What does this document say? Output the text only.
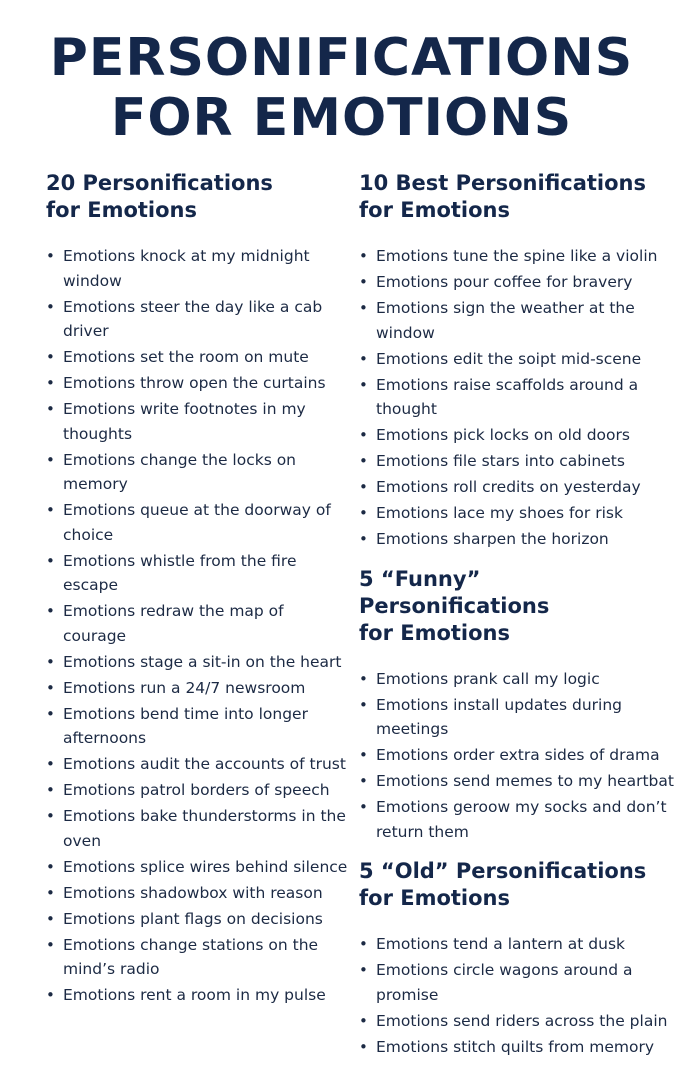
PERSONIFICATIONS
FOR EMOTIONS
20 Personifications
for Emotions
• Emotions knock at my midnight window
• Emotions steer the day like a cab driver
• Emotions set the room on mute
• Emotions throw open the curtains
• Emotions write footnotes in my thoughts
• Emotions change the locks on memory
• Emotions queue at the doorway of choice
• Emotions whistle from the fire escape
• Emotions redraw the map of courage
• Emotions stage a sit-in on the heart
• Emotions run a 24/7 newsroom
• Emotions bend time into longer afternoons
• Emotions audit the accounts of trust
• Emotions patrol borders of speech
• Emotions bake thunderstorms in the oven
• Emotions splice wires behind silence
• Emotions shadowbox with reason
• Emotions plant flags on decisions
• Emotions change stations on the mind’s radio
• Emotions rent a room in my pulse
10 Best Personifications
for Emotions
• Emotions tune the spine like a violin
• Emotions pour coffee for bravery
• Emotions sign the weather at the window
• Emotions edit the soipt mid-scene
• Emotions raise scaffolds around a thought
• Emotions pick locks on old doors
• Emotions file stars into cabinets
• Emotions roll credits on yesterday
• Emotions lace my shoes for risk
• Emotions sharpen the horizon
5 “Funny” Personifications
for Emotions
• Emotions prank call my logic
• Emotions install updates during meetings
• Emotions order extra sides of drama
• Emotions send memes to my heartbat
• Emotions geroow my socks and don’t return them
5 “Old” Personifications
for Emotions
• Emotions tend a lantern at dusk
• Emotions circle wagons around a promise
• Emotions send riders across the plain
• Emotions stitch quilts from memory
